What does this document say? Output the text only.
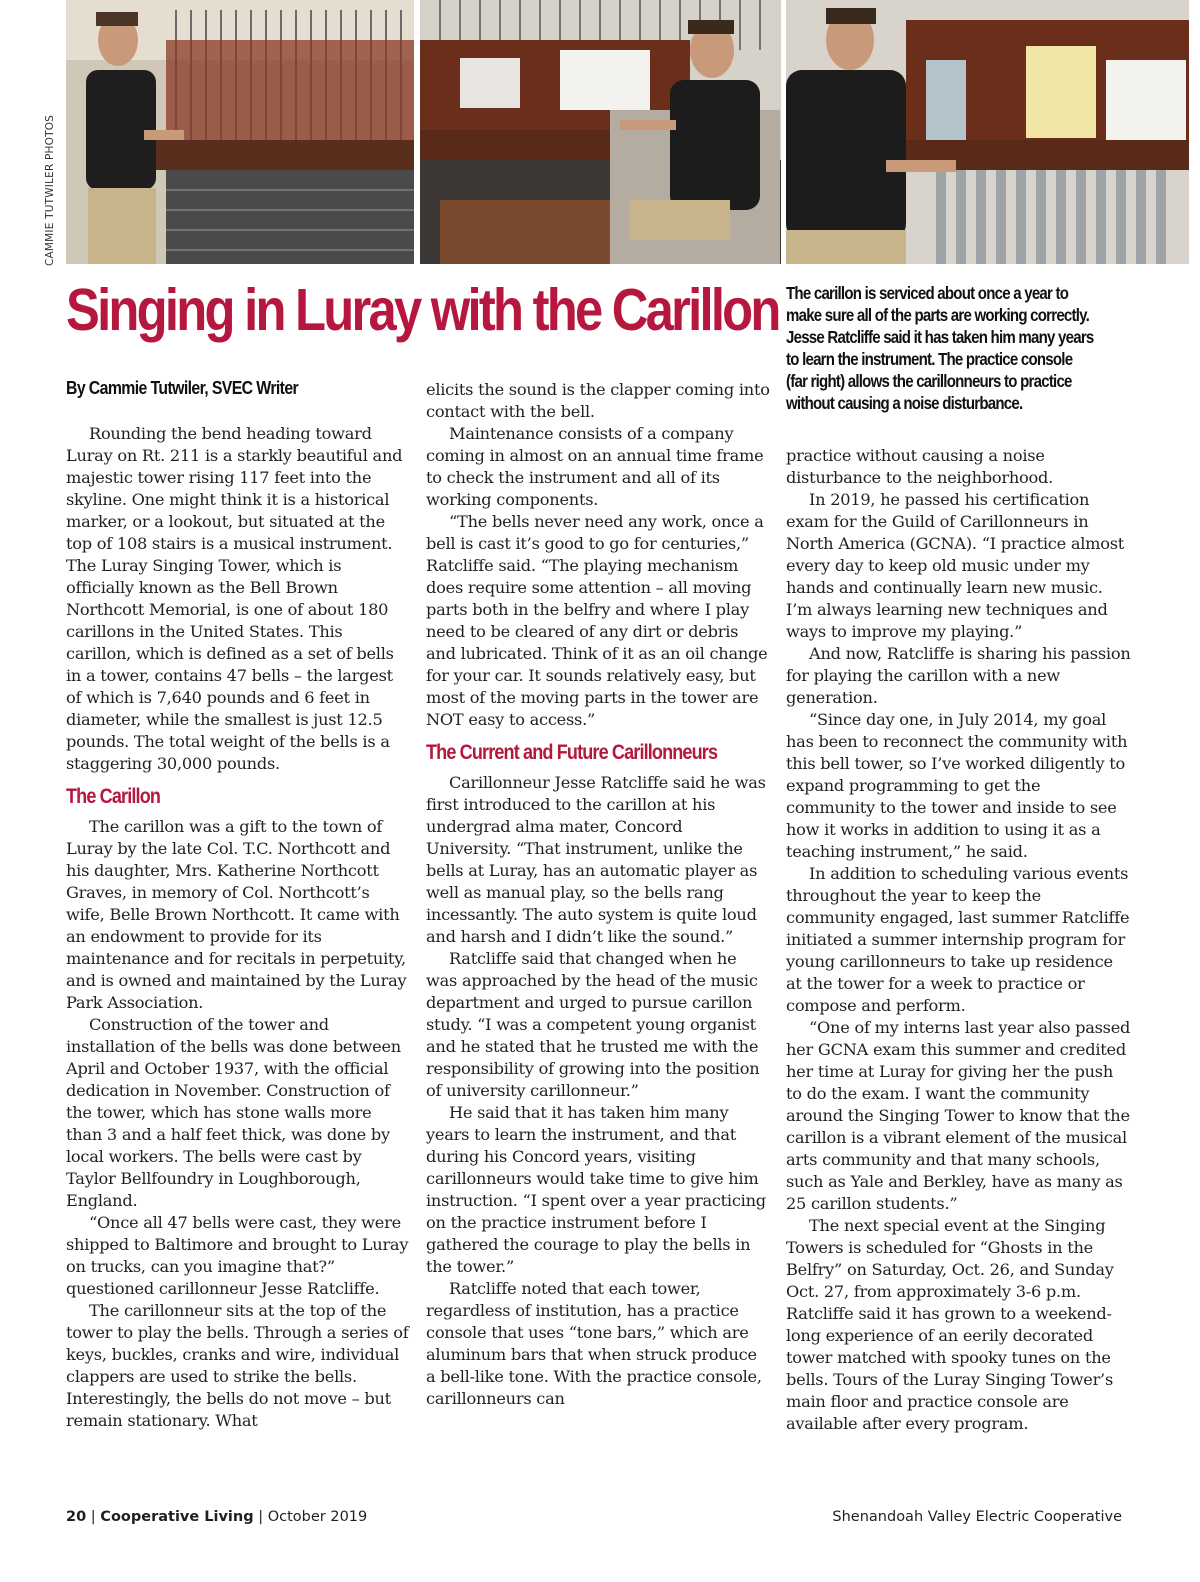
CAMMIE TUTWILER PHOTOS
Singing in Luray with the Carillon The carillon is serviced about once a year to make sure all of the parts are working correctly. Jesse Ratcliffe said it has taken him many years to learn the instrument. The practice console (far right) allows the carillonneurs to practice without causing a noise disturbance.

By Cammie Tutwiler, SVEC Writer

Rounding the bend heading toward Luray on Rt. 211 is a starkly beautiful and majestic tower rising 117 feet into the skyline. One might think it is a historical marker, or a lookout, but situated at the top of 108 stairs is a musical instrument. The Luray Singing Tower, which is officially known as the Bell Brown Northcott Memorial, is one of about 180 carillons in the United States. This carillon, which is defined as a set of bells in a tower, contains 47 bells – the largest of which is 7,640 pounds and 6 feet in diameter, while the smallest is just 12.5 pounds. The total weight of the bells is a staggering 30,000 pounds.

The Carillon

The carillon was a gift to the town of Luray by the late Col. T.C. Northcott and his daughter, Mrs. Katherine Northcott Graves, in memory of Col. Northcott’s wife, Belle Brown Northcott. It came with an endowment to provide for its maintenance and for recitals in perpetuity, and is owned and maintained by the Luray Park Association.

Construction of the tower and installation of the bells was done between April and October 1937, with the official dedication in November. Construction of the tower, which has stone walls more than 3 and a half feet thick, was done by local workers. The bells were cast by Taylor Bellfoundry in Loughborough, England.

“Once all 47 bells were cast, they were shipped to Baltimore and brought to Luray on trucks, can you imagine that?” questioned carillonneur Jesse Ratcliffe.

The carillonneur sits at the top of the tower to play the bells. Through a series of keys, buckles, cranks and wire, individual clappers are used to strike the bells. Interestingly, the bells do not move – but remain stationary. What

elicits the sound is the clapper coming into contact with the bell.

Maintenance consists of a company coming in almost on an annual time frame to check the instrument and all of its working components.

“The bells never need any work, once a bell is cast it’s good to go for centuries,” Ratcliffe said. “The playing mechanism does require some attention – all moving parts both in the belfry and where I play need to be cleared of any dirt or debris and lubricated. Think of it as an oil change for your car. It sounds relatively easy, but most of the moving parts in the tower are NOT easy to access.”

The Current and Future Carillonneurs

Carillonneur Jesse Ratcliffe said he was first introduced to the carillon at his undergrad alma mater, Concord University. “That instrument, unlike the bells at Luray, has an automatic player as well as manual play, so the bells rang incessantly. The auto system is quite loud and harsh and I didn’t like the sound.”

Ratcliffe said that changed when he was approached by the head of the music department and urged to pursue carillon study. “I was a competent young organist and he stated that he trusted me with the responsibility of growing into the position of university carillonneur.”

He said that it has taken him many years to learn the instrument, and that during his Concord years, visiting carillonneurs would take time to give him instruction. “I spent over a year practicing on the practice instrument before I gathered the courage to play the bells in the tower.”

Ratcliffe noted that each tower, regardless of institution, has a practice console that uses “tone bars,” which are aluminum bars that when struck produce a bell-like tone. With the practice console, carillonneurs can

practice without causing a noise disturbance to the neighborhood.

In 2019, he passed his certification exam for the Guild of Carillonneurs in North America (GCNA). “I practice almost every day to keep old music under my hands and continually learn new music. I’m always learning new techniques and ways to improve my playing.”

And now, Ratcliffe is sharing his passion for playing the carillon with a new generation.

“Since day one, in July 2014, my goal has been to reconnect the community with this bell tower, so I’ve worked diligently to expand programming to get the community to the tower and inside to see how it works in addition to using it as a teaching instrument,” he said.

In addition to scheduling various events throughout the year to keep the community engaged, last summer Ratcliffe initiated a summer internship program for young carillonneurs to take up residence at the tower for a week to practice or compose and perform.

“One of my interns last year also passed her GCNA exam this summer and credited her time at Luray for giving her the push to do the exam. I want the community around the Singing Tower to know that the carillon is a vibrant element of the musical arts community and that many schools, such as Yale and Berkley, have as many as 25 carillon students.”

The next special event at the Singing Towers is scheduled for “Ghosts in the Belfry” on Saturday, Oct. 26, and Sunday Oct. 27, from approximately 3-6 p.m. Ratcliffe said it has grown to a weekend-long experience of an eerily decorated tower matched with spooky tunes on the bells. Tours of the Luray Singing Tower’s main floor and practice console are available after every program.

20 | Cooperative Living | October 2019	Shenandoah Valley Electric Cooperative
